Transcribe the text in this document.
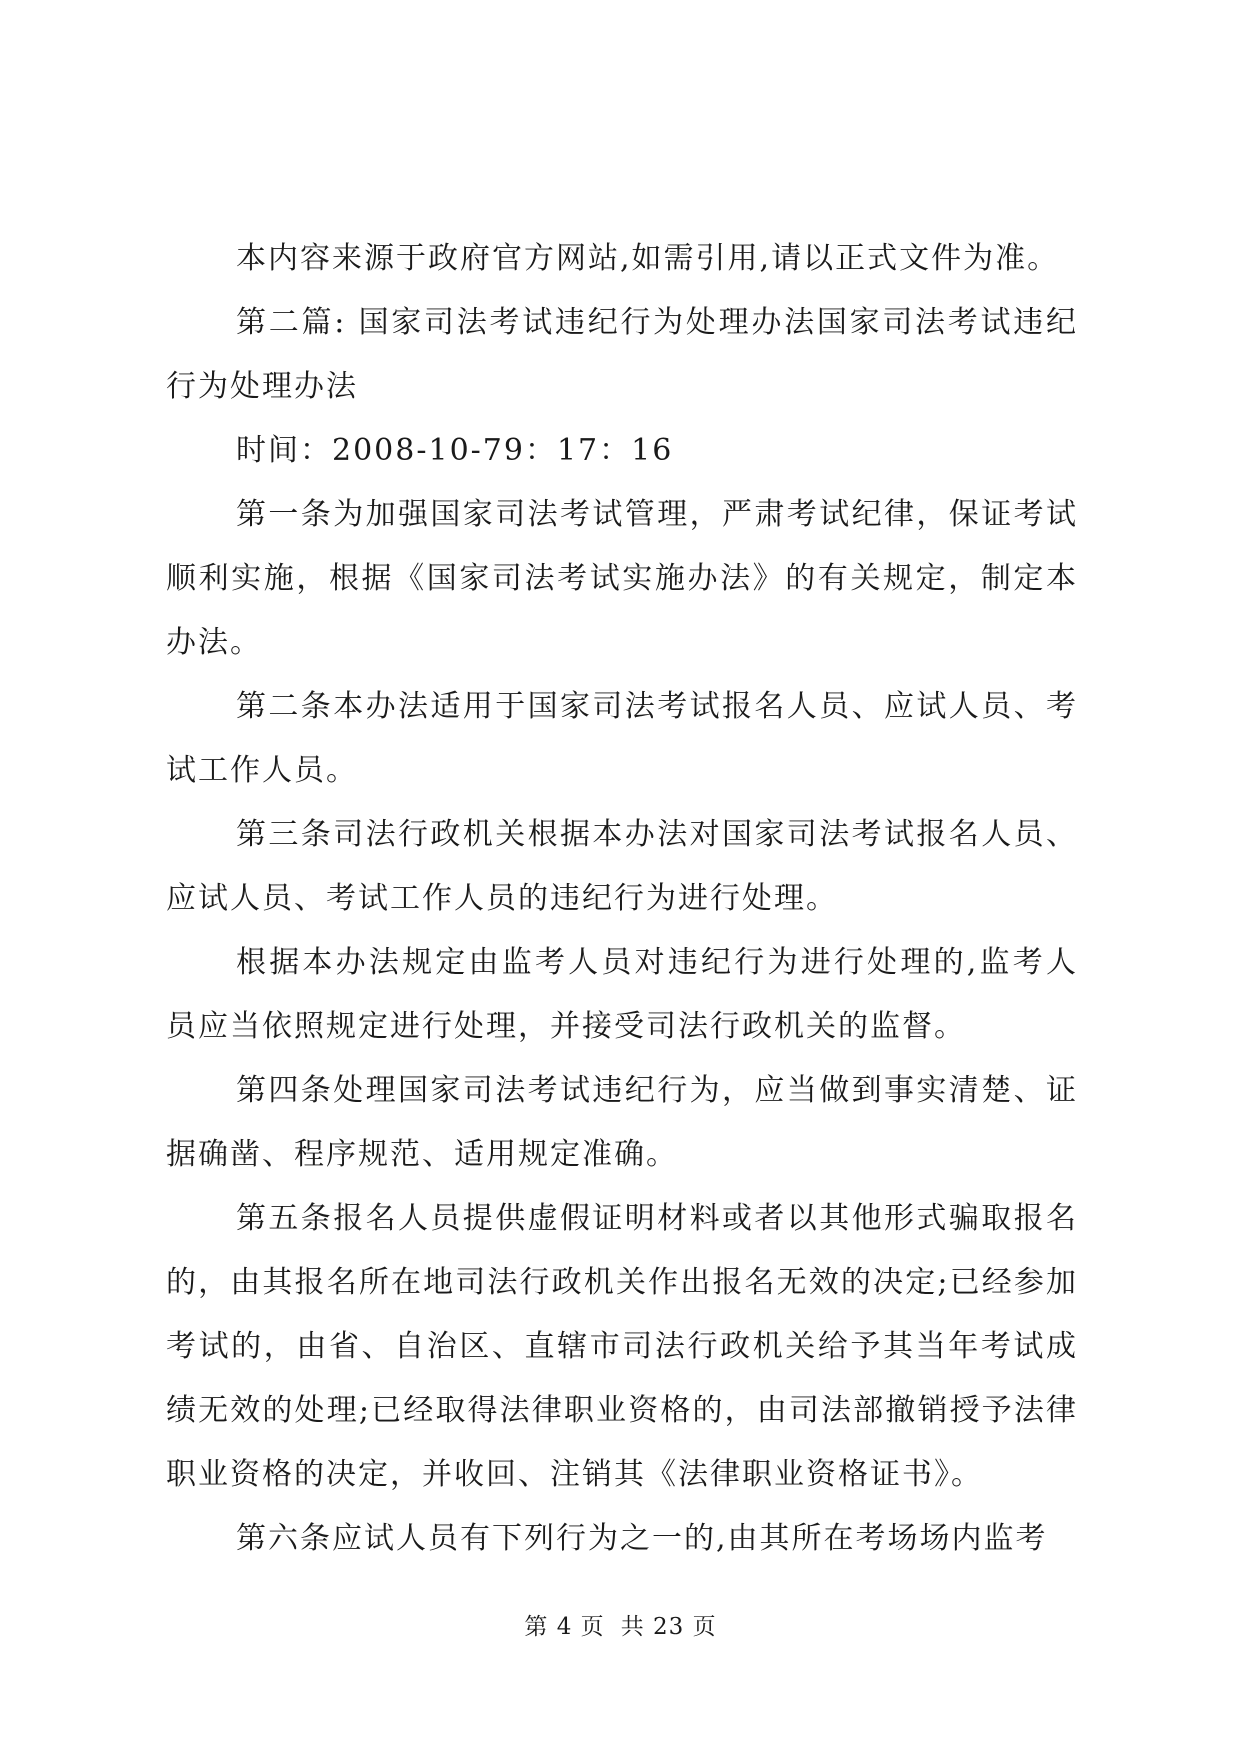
本内容来源于政府官方网站,如需引用,请以正式文件为准。

第二篇: 国家司法考试违纪行为处理办法国家司法考试违纪行为处理办法

时间：2008-10-79：17：16

第一条为加强国家司法考试管理，严肃考试纪律，保证考试顺利实施，根据《国家司法考试实施办法》的有关规定，制定本办法。

第二条本办法适用于国家司法考试报名人员、应试人员、考试工作人员。

第三条司法行政机关根据本办法对国家司法考试报名人员、应试人员、考试工作人员的违纪行为进行处理。

根据本办法规定由监考人员对违纪行为进行处理的,监考人员应当依照规定进行处理，并接受司法行政机关的监督。

第四条处理国家司法考试违纪行为，应当做到事实清楚、证据确凿、程序规范、适用规定准确。

第五条报名人员提供虚假证明材料或者以其他形式骗取报名的，由其报名所在地司法行政机关作出报名无效的决定;已经参加考试的，由省、自治区、直辖市司法行政机关给予其当年考试成绩无效的处理;已经取得法律职业资格的，由司法部撤销授予法律职业资格的决定，并收回、注销其《法律职业资格证书》。

第六条应试人员有下列行为之一的,由其所在考场场内监考

第 4 页 共 23 页
